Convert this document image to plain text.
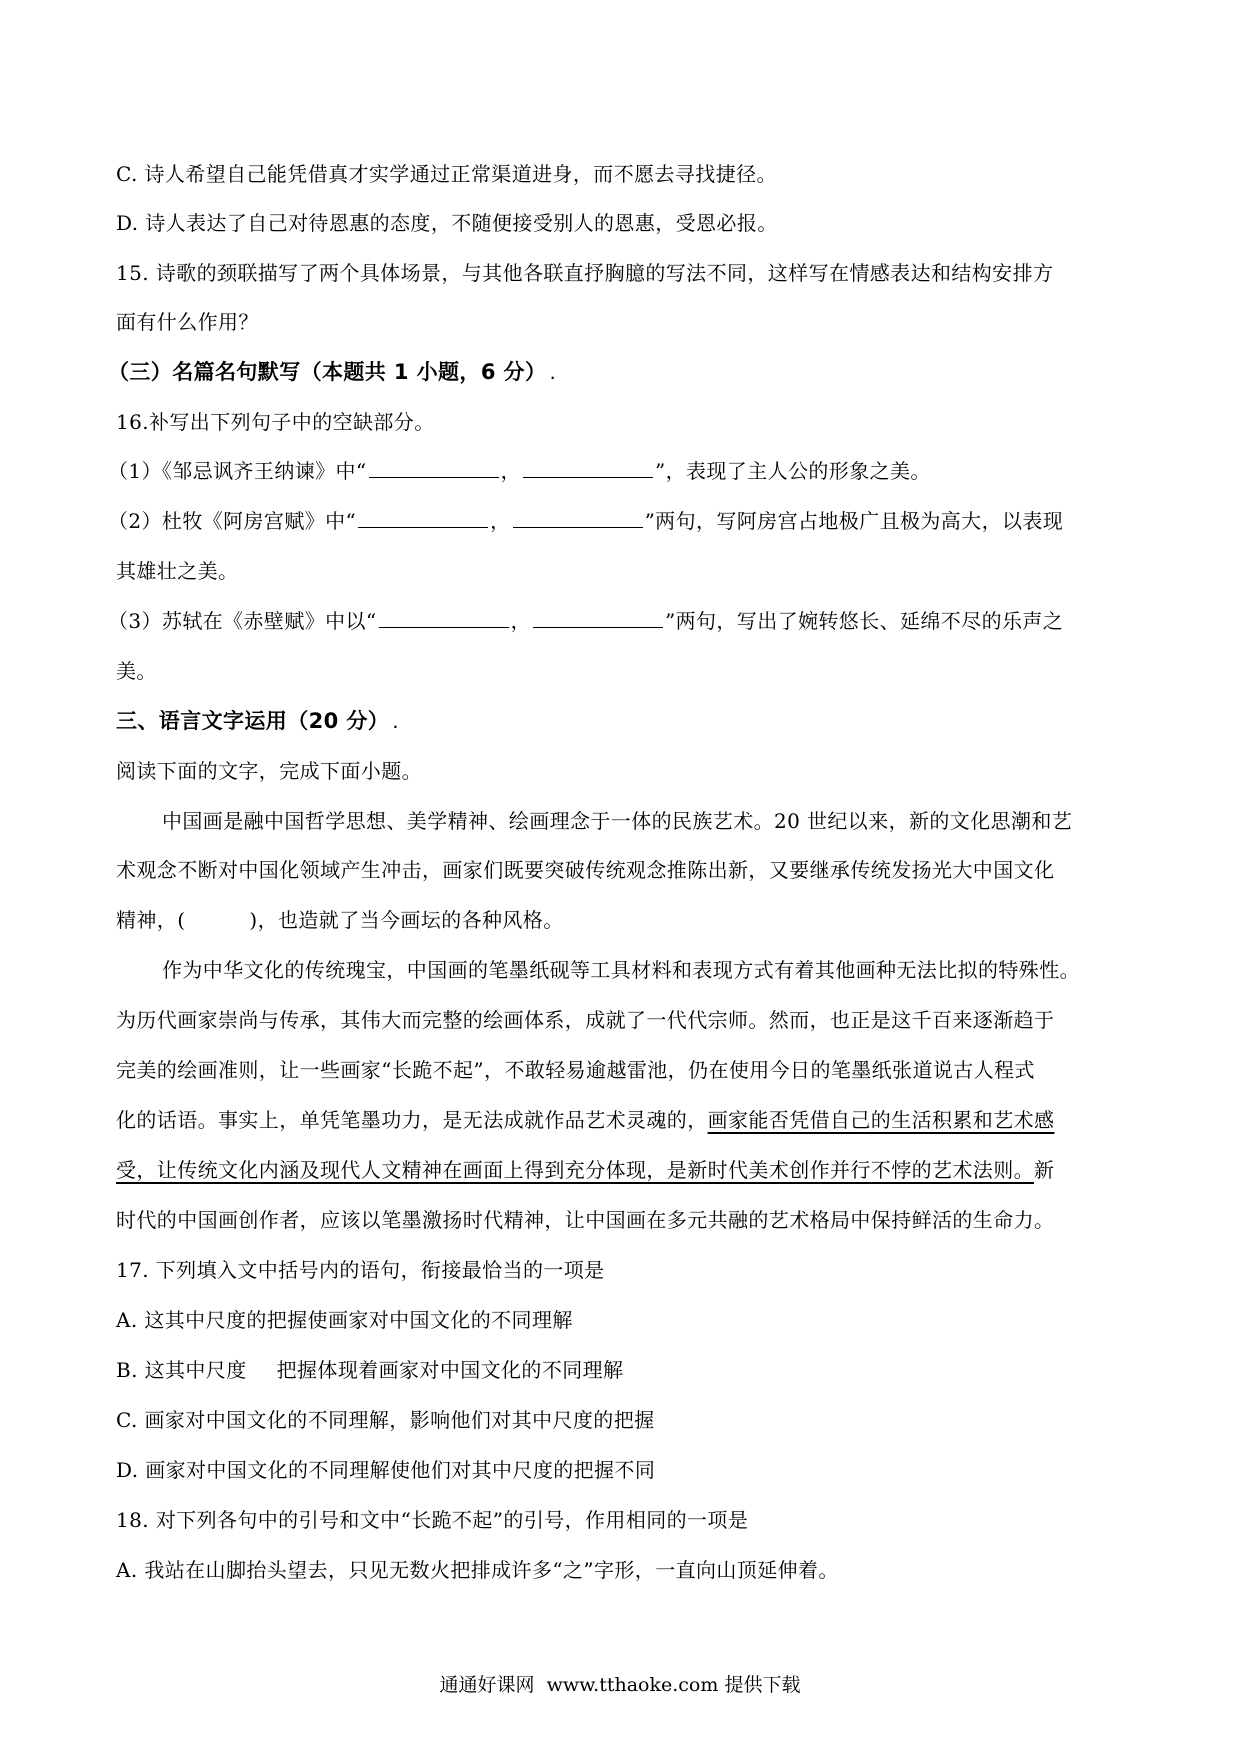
C. 诗人希望自己能凭借真才实学通过正常渠道进身，而不愿去寻找捷径。
D. 诗人表达了自己对待恩惠的态度，不随便接受别人的恩惠，受恩必报。
15. 诗歌的颈联描写了两个具体场景，与其他各联直抒胸臆的写法不同，这样写在情感表达和结构安排方
面有什么作用？
（三）名篇名句默写（本题共 1 小题，6 分） .
16.补写出下列句子中的空缺部分。
（1）《邹忌讽齐王纳谏》中“	，	”，表现了主人公的形象之美。
（2）杜牧《阿房宫赋》中“	，	”两句，写阿房宫占地极广且极为高大，以表现
其雄壮之美。
（3）苏轼在《赤壁赋》中以“	，	”两句，写出了婉转悠长、延绵不尽的乐声之
美。
三、语言文字运用（20 分） .
阅读下面的文字，完成下面小题。
中国画是融中国哲学思想、美学精神、绘画理念于一体的民族艺术。20 世纪以来，新的文化思潮和艺
术观念不断对中国化领域产生冲击，画家们既要突破传统观念推陈出新，又要继承传统发扬光大中国文化
精神，(	)，也造就了当今画坛的各种风格。
作为中华文化的传统瑰宝，中国画的笔墨纸砚等工具材料和表现方式有着其他画种无法比拟的特殊性。
为历代画家崇尚与传承，其伟大而完整的绘画体系，成就了一代代宗师。然而，也正是这千百来逐渐趋于
完美的绘画准则，让一些画家“长跪不起”，不敢轻易逾越雷池，仍在使用今日的笔墨纸张道说古人程式
化的话语。事实上，单凭笔墨功力，是无法成就作品艺术灵魂的，画家能否凭借自己的生活积累和艺术感
受，让传统文化内涵及现代人文精神在画面上得到充分体现，是新时代美术创作并行不悖的艺术法则。新
时代的中国画创作者，应该以笔墨激扬时代精神，让中国画在多元共融的艺术格局中保持鲜活的生命力。
17. 下列填入文中括号内的语句，衔接最恰当的一项是
A. 这其中尺度的把握使画家对中国文化的不同理解
B. 这其中尺度 把握体现着画家对中国文化的不同理解
C. 画家对中国文化的不同理解，影响他们对其中尺度的把握
D. 画家对中国文化的不同理解使他们对其中尺度的把握不同
18. 对下列各句中的引号和文中“长跪不起”的引号，作用相同的一项是
A. 我站在山脚抬头望去，只见无数火把排成许多“之”字形，一直向山顶延伸着。
通通好课网 www.tthaoke.com 提供下载
